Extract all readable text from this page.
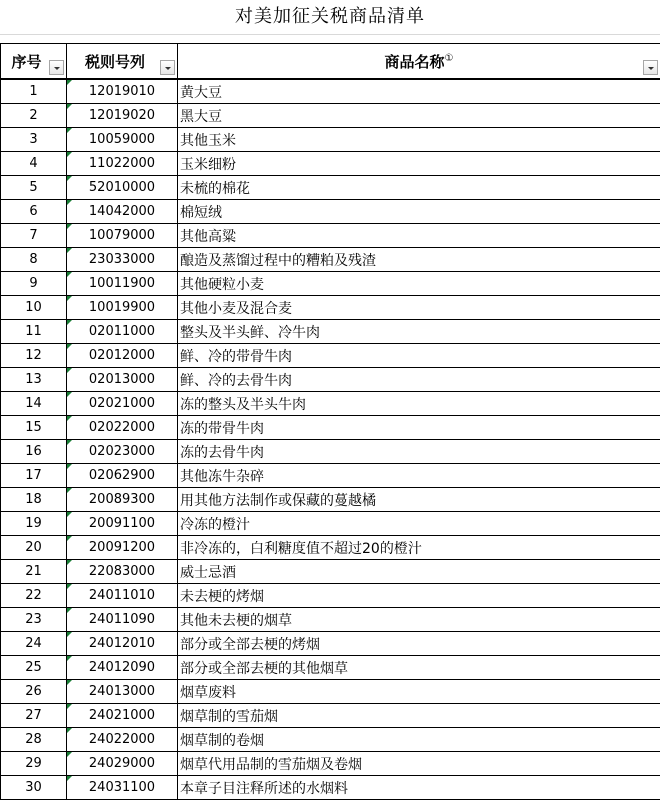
对美加征关税商品清单
序号	税则号列	商品名称①

1	12019010	黄大豆
2	12019020	黑大豆
3	10059000	其他玉米
4	11022000	玉米细粉
5	52010000	未梳的棉花
6	14042000	棉短绒
7	10079000	其他高粱
8	23033000	酿造及蒸馏过程中的糟粕及残渣
9	10011900	其他硬粒小麦
10	10019900	其他小麦及混合麦
11	02011000	整头及半头鲜、冷牛肉
12	02012000	鲜、冷的带骨牛肉
13	02013000	鲜、冷的去骨牛肉
14	02021000	冻的整头及半头牛肉
15	02022000	冻的带骨牛肉
16	02023000	冻的去骨牛肉
17	02062900	其他冻牛杂碎
18	20089300	用其他方法制作或保藏的蔓越橘
19	20091100	冷冻的橙汁
20	20091200	非冷冻的，白利糖度值不超过20的橙汁
21	22083000	威士忌酒
22	24011010	未去梗的烤烟
23	24011090	其他未去梗的烟草
24	24012010	部分或全部去梗的烤烟
25	24012090	部分或全部去梗的其他烟草
26	24013000	烟草废料
27	24021000	烟草制的雪茄烟
28	24022000	烟草制的卷烟
29	24029000	烟草代用品制的雪茄烟及卷烟
30	24031100	本章子目注释所述的水烟料
